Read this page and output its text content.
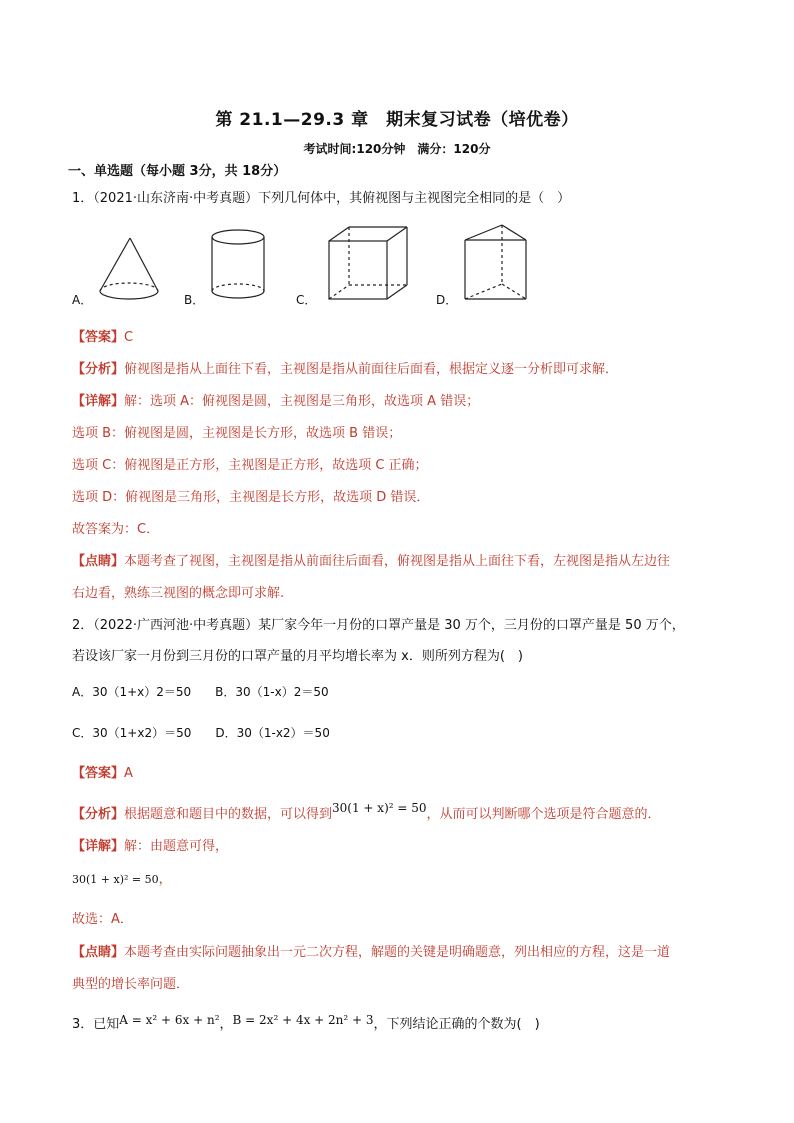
第 21.1—29.3 章　期末复习试卷（培优卷）
考试时间:120分钟　满分：120分
一、单选题（每小题 3分，共 18分）
1．（2021·山东济南·中考真题）下列几何体中，其俯视图与主视图完全相同的是（　）
A．	B．	C．	D．
【答案】C
【分析】俯视图是指从上面往下看，主视图是指从前面往后面看，根据定义逐一分析即可求解．
【详解】解：选项 A：俯视图是圆，主视图是三角形，故选项 A 错误；
选项 B：俯视图是圆，主视图是长方形，故选项 B 错误；
选项 C：俯视图是正方形，主视图是正方形，故选项 C 正确；
选项 D：俯视图是三角形，主视图是长方形，故选项 D 错误．
故答案为：C．
【点睛】本题考查了视图，主视图是指从前面往后面看，俯视图是指从上面往下看，左视图是指从左边往
右边看，熟练三视图的概念即可求解.
2．（2022·广西河池·中考真题）某厂家今年一月份的口罩产量是 30 万个，三月份的口罩产量是 50 万个，
若设该厂家一月份到三月份的口罩产量的月平均增长率为 x．则所列方程为(　)
A．30（1+x）2＝50　　B．30（1-x）2＝50
C．30（1+x2）＝50　　D．30（1-x2）＝50
【答案】A
【分析】根据题意和题目中的数据，可以得到30(1 + x)² = 50，从而可以判断哪个选项是符合题意的．
【详解】解：由题意可得，
30(1 + x)² = 50，
故选：A．
【点睛】本题考查由实际问题抽象出一元二次方程，解题的关键是明确题意，列出相应的方程，这是一道
典型的增长率问题．
3．已知A = x² + 6x + n²，B = 2x² + 4x + 2n² + 3，下列结论正确的个数为(　)
